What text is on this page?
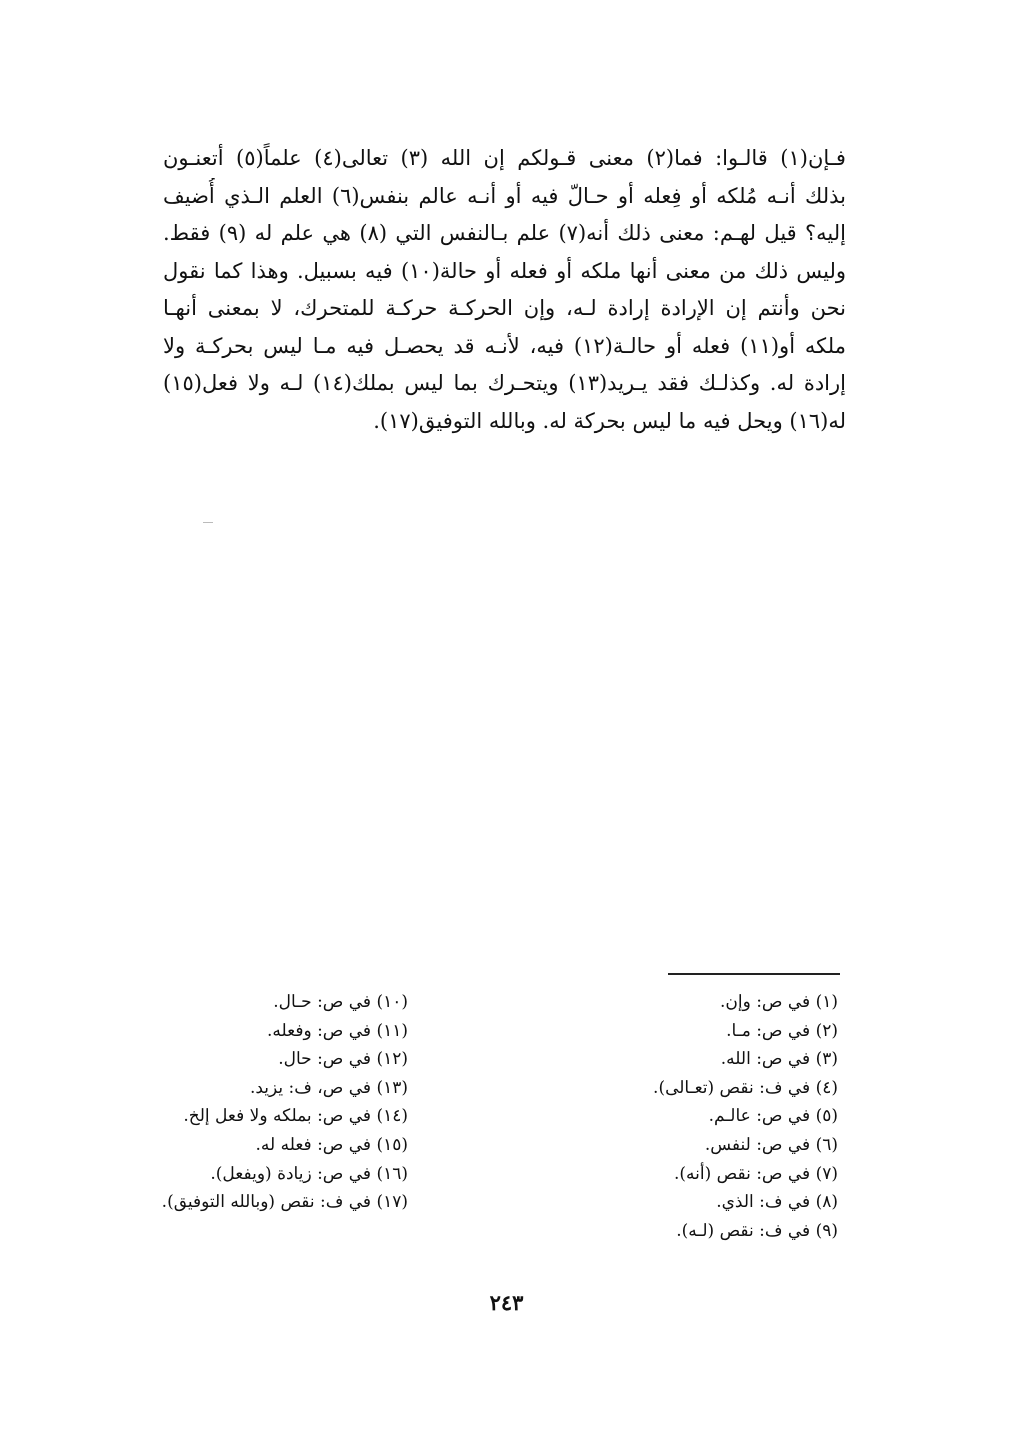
فـإن(١) قالـوا: فما(٢) معنى قـولكم إن الله (٣) تعالى(٤) علماً(٥) أتعنـون
بذلك أنـه مُلكه أو فِعله أو حـالّ فيه أو أنـه عالم بنفس(٦) العلم الـذي أُضيف
إليه؟ قيل لهـم: معنى ذلك أنه(٧) علم بـالنفس التي (٨) هي علم له (٩) فقط.
وليس ذلك من معنى أنها ملكه أو فعله أو حالة(١٠) فيه بسبيل. وهذا كما نقول
نحن وأنتم إن الإرادة إرادة لـه، وإن الحركـة حركـة للمتحرك، لا بمعنى أنهـا
ملكه أو(١١) فعله أو حالـة(١٢) فيه، لأنـه قد يحصـل فيه مـا ليس بحركـة ولا
إرادة له. وكذلـك فقد يـريد(١٣) ويتحـرك بما ليس بملك(١٤) لـه ولا فعل(١٥)
له(١٦) ويحل فيه ما ليس بحركة له. وبالله التوفيق(١٧).
(١) في ص: وإن.
(٢) في ص: مـا.
(٣) في ص: الله.
(٤) في ف: نقص (تعـالى).
(٥) في ص: عالـم.
(٦) في ص: لنفس.
(٧) في ص: نقص (أنه).
(٨) في ف: الذي.
(٩) في ف: نقص (لـه).
(١٠) في ص: حـال.
(١١) في ص: وفعله.
(١٢) في ص: حال.
(١٣) في ص، ف: يزيد.
(١٤) في ص: بملكه ولا فعل إلخ.
(١٥) في ص: فعله له.
(١٦) في ص: زيادة (ويفعل).
(١٧) في ف: نقص (وبالله التوفيق).
٢٤٣
